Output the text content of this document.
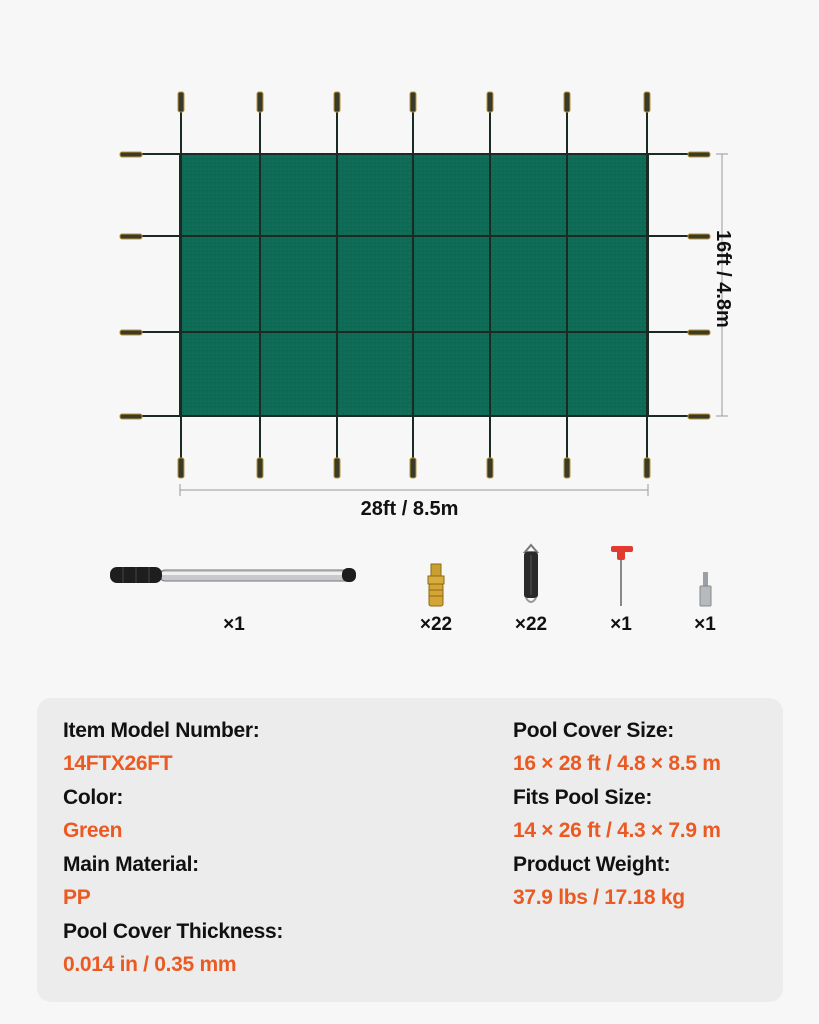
28ft / 8.5m
16ft / 4.8m
×1	×22	×22	×1	×1
Item Model Number:
14FTX26FT
Color:
Green
Main Material:
PP
Pool Cover Thickness:
0.014 in / 0.35 mm
Pool Cover Size:
16 × 28 ft / 4.8 × 8.5 m
Fits Pool Size:
14 × 26 ft / 4.3 × 7.9 m
Product Weight:
37.9 lbs / 17.18 kg
